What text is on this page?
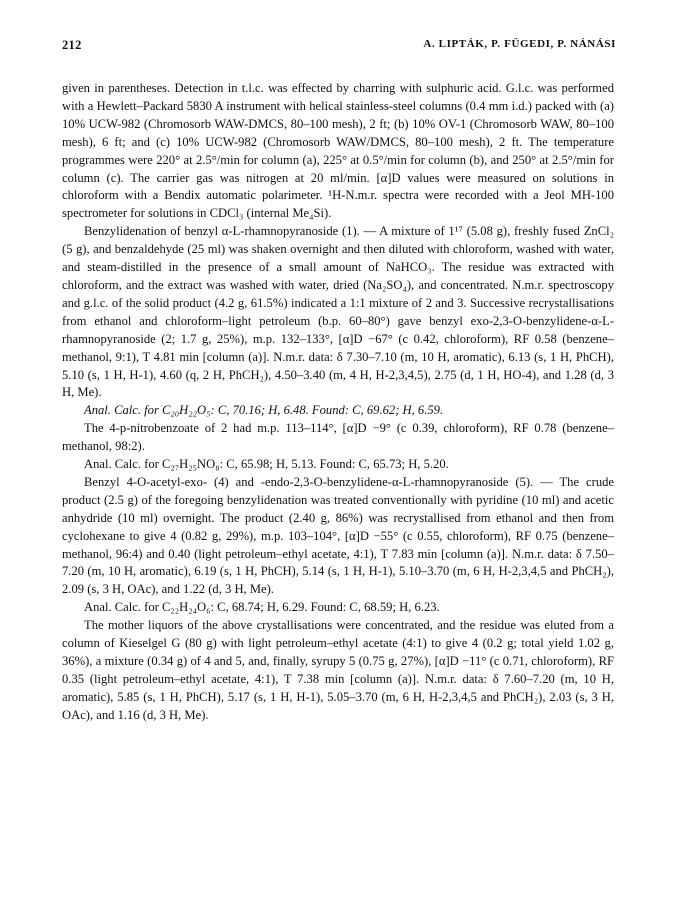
212	A. LIPTÁK, P. FÜGEDI, P. NÁNÁSI

given in parentheses. Detection in t.l.c. was effected by charring with sulphuric acid. G.l.c. was performed with a Hewlett–Packard 5830 A instrument with helical stainless-steel columns (0.4 mm i.d.) packed with (a) 10% UCW-982 (Chromosorb WAW-DMCS, 80–100 mesh), 2 ft; (b) 10% OV-1 (Chromosorb WAW, 80–100 mesh), 6 ft; and (c) 10% UCW-982 (Chromosorb WAW/DMCS, 80–100 mesh), 2 ft. The temperature programmes were 220° at 2.5°/min for column (a), 225° at 0.5°/min for column (b), and 250° at 2.5°/min for column (c). The carrier gas was nitrogen at 20 ml/min. [α]D values were measured on solutions in chloroform with a Bendix automatic polarimeter. ¹H-N.m.r. spectra were recorded with a Jeol MH-100 spectrometer for solutions in CDCl₃ (internal Me₄Si).

Benzylidenation of benzyl α-L-rhamnopyranoside (1). — A mixture of 1¹⁷ (5.08 g), freshly fused ZnCl₂ (5 g), and benzaldehyde (25 ml) was shaken overnight and then diluted with chloroform, washed with water, and steam-distilled in the presence of a small amount of NaHCO₃. The residue was extracted with chloroform, and the extract was washed with water, dried (Na₂SO₄), and concentrated. N.m.r. spectroscopy and g.l.c. of the solid product (4.2 g, 61.5%) indicated a 1:1 mixture of 2 and 3. Successive recrystallisations from ethanol and chloroform–light petroleum (b.p. 60–80°) gave benzyl exo-2,3-O-benzylidene-α-L-rhamnopyranoside (2; 1.7 g, 25%), m.p. 132–133°, [α]D −67° (c 0.42, chloroform), RF 0.58 (benzene–methanol, 9:1), T 4.81 min [column (a)]. N.m.r. data: δ 7.30–7.10 (m, 10 H, aromatic), 6.13 (s, 1 H, PhCH), 5.10 (s, 1 H, H-1), 4.60 (q, 2 H, PhCH₂), 4.50–3.40 (m, 4 H, H-2,3,4,5), 2.75 (d, 1 H, HO-4), and 1.28 (d, 3 H, Me).

Anal. Calc. for C₂₀H₂₂O₅: C, 70.16; H, 6.48. Found: C, 69.62; H, 6.59.

The 4-p-nitrobenzoate of 2 had m.p. 113–114°, [α]D −9° (c 0.39, chloroform), RF 0.78 (benzene–methanol, 98:2).

Anal. Calc. for C₂₇H₂₅NO₈: C, 65.98; H, 5.13. Found: C, 65.73; H, 5.20.

Benzyl 4-O-acetyl-exo- (4) and -endo-2,3-O-benzylidene-α-L-rhamnopyranoside (5). — The crude product (2.5 g) of the foregoing benzylidenation was treated conventionally with pyridine (10 ml) and acetic anhydride (10 ml) overnight. The product (2.40 g, 86%) was recrystallised from ethanol and then from cyclohexane to give 4 (0.82 g, 29%), m.p. 103–104°, [α]D −55° (c 0.55, chloroform), RF 0.75 (benzene–methanol, 96:4) and 0.40 (light petroleum–ethyl acetate, 4:1), T 7.83 min [column (a)]. N.m.r. data: δ 7.50–7.20 (m, 10 H, aromatic), 6.19 (s, 1 H, PhCH), 5.14 (s, 1 H, H-1), 5.10–3.70 (m, 6 H, H-2,3,4,5 and PhCH₂), 2.09 (s, 3 H, OAc), and 1.22 (d, 3 H, Me).

Anal. Calc. for C₂₂H₂₄O₆: C, 68.74; H, 6.29. Found: C, 68.59; H, 6.23.

The mother liquors of the above crystallisations were concentrated, and the residue was eluted from a column of Kieselgel G (80 g) with light petroleum–ethyl acetate (4:1) to give 4 (0.2 g; total yield 1.02 g, 36%), a mixture (0.34 g) of 4 and 5, and, finally, syrupy 5 (0.75 g, 27%), [α]D −11° (c 0.71, chloroform), RF 0.35 (light petroleum–ethyl acetate, 4:1), T 7.38 min [column (a)]. N.m.r. data: δ 7.60–7.20 (m, 10 H, aromatic), 5.85 (s, 1 H, PhCH), 5.17 (s, 1 H, H-1), 5.05–3.70 (m, 6 H, H-2,3,4,5 and PhCH₂), 2.03 (s, 3 H, OAc), and 1.16 (d, 3 H, Me).
